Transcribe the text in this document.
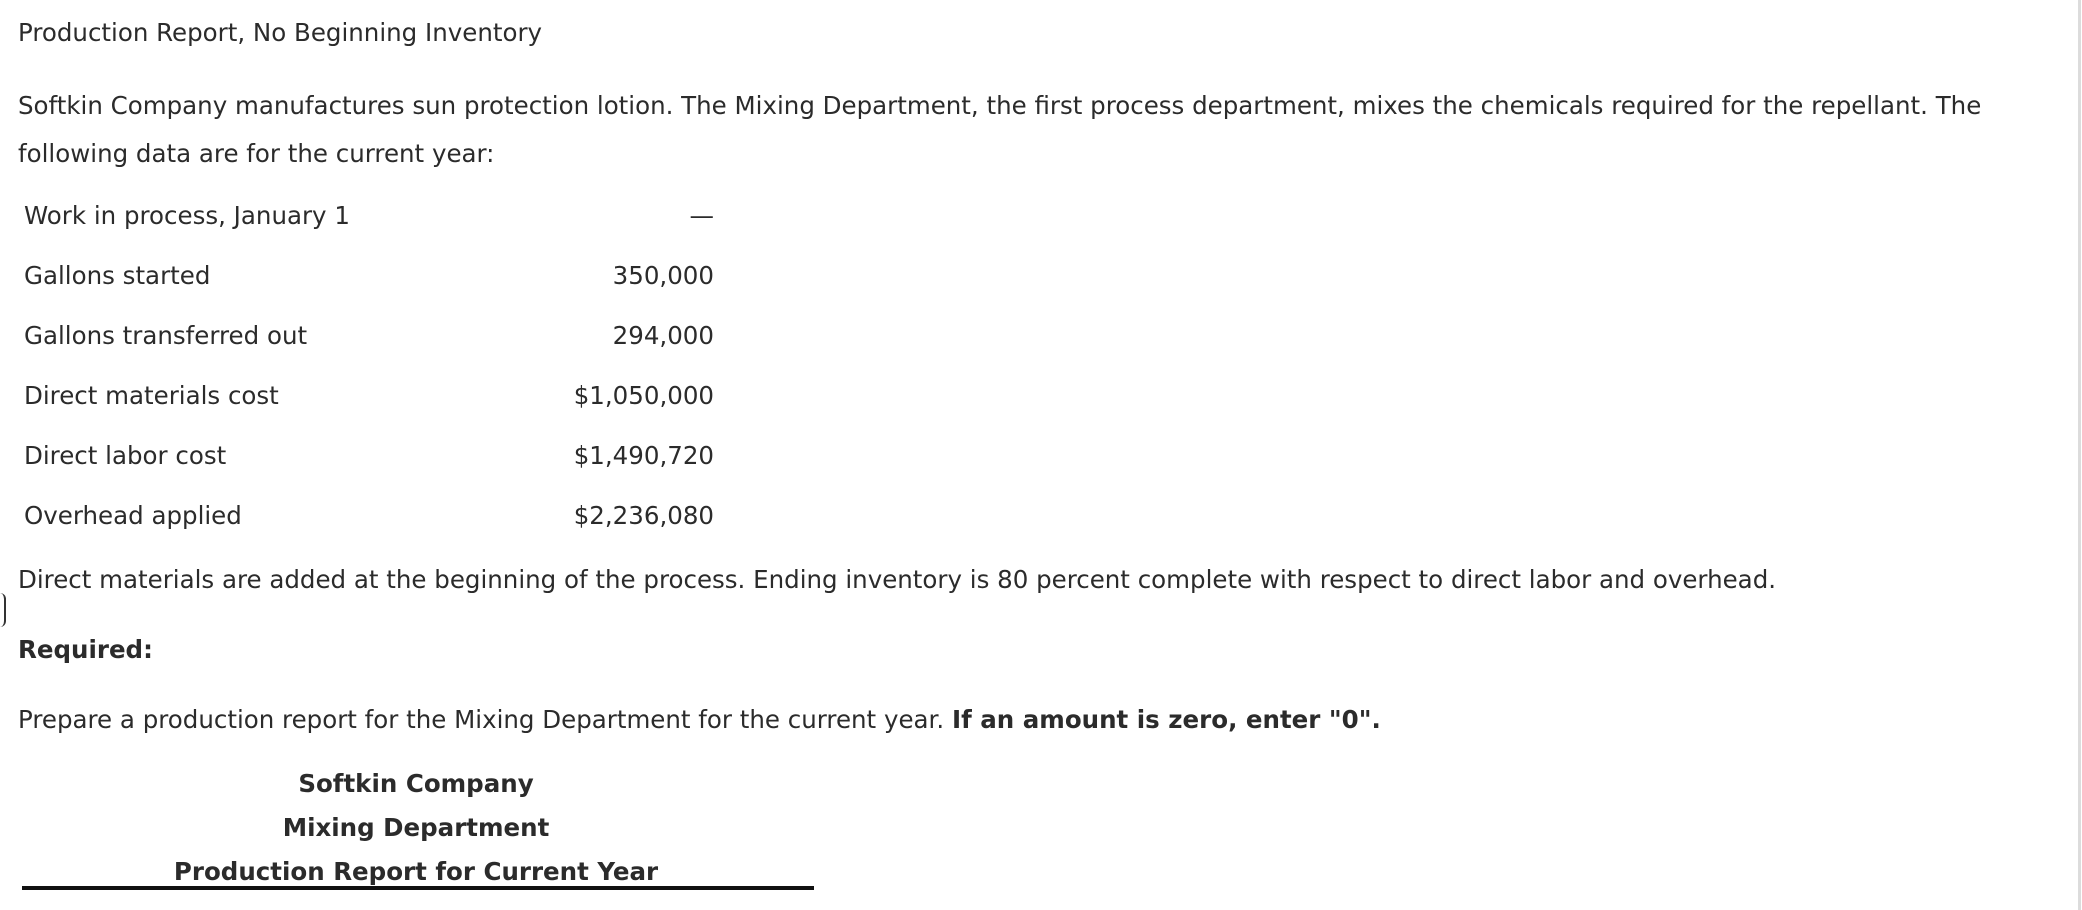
Production Report, No Beginning Inventory
Softkin Company manufactures sun protection lotion. The Mixing Department, the first process department, mixes the chemicals required for the repellant. The following data are for the current year:
Work in process, January 1	—
Gallons started	350,000
Gallons transferred out	294,000
Direct materials cost	$1,050,000
Direct labor cost	$1,490,720
Overhead applied	$2,236,080
Direct materials are added at the beginning of the process. Ending inventory is 80 percent complete with respect to direct labor and overhead.
Required:
Prepare a production report for the Mixing Department for the current year. If an amount is zero, enter "0".
Softkin Company
Mixing Department
Production Report for Current Year
